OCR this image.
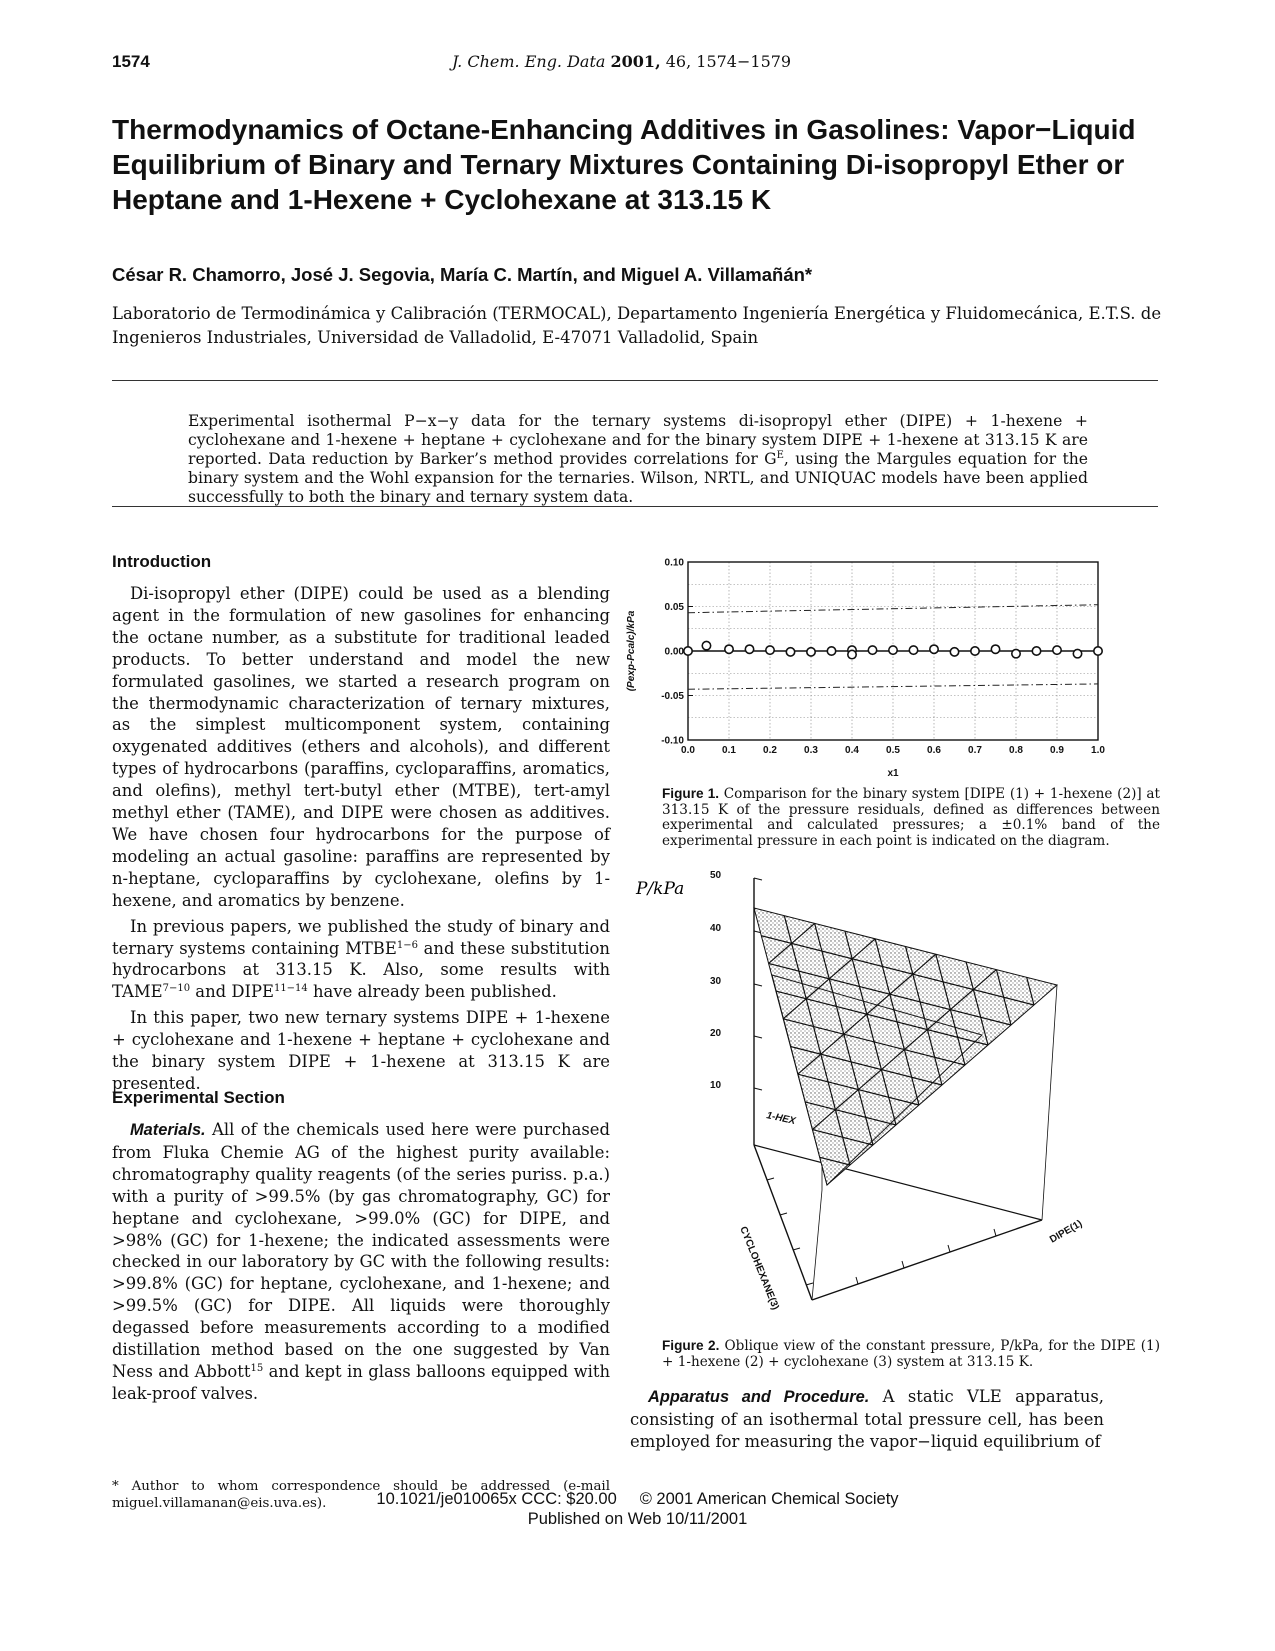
1574	J. Chem. Eng. Data 2001, 46, 1574−1579
Thermodynamics of Octane-Enhancing Additives in Gasolines: Vapor−Liquid Equilibrium of Binary and Ternary Mixtures Containing Di-isopropyl Ether or Heptane and 1-Hexene + Cyclohexane at 313.15 K
César R. Chamorro, José J. Segovia, María C. Martín, and Miguel A. Villamañán*
Laboratorio de Termodinámica y Calibración (TERMOCAL), Departamento Ingeniería Energética y Fluidomecánica, E.T.S. de Ingenieros Industriales, Universidad de Valladolid, E-47071 Valladolid, Spain
Experimental isothermal P−x−y data for the ternary systems di-isopropyl ether (DIPE) + 1-hexene + cyclohexane and 1-hexene + heptane + cyclohexane and for the binary system DIPE + 1-hexene at 313.15 K are reported. Data reduction by Barker’s method provides correlations for $G^E$, using the Margules equation for the binary system and the Wohl expansion for the ternaries. Wilson, NRTL, and UNIQUAC models have been applied successfully to both the binary and ternary system data.
Introduction

Di-isopropyl ether (DIPE) could be used as a blending agent in the formulation of new gasolines for enhancing the octane number, as a substitute for traditional leaded products. To better understand and model the new formulated gasolines, we started a research program on the thermodynamic characterization of ternary mixtures, as the simplest multicomponent system, containing oxygenated additives (ethers and alcohols), and different types of hydrocarbons (paraffins, cycloparaffins, aromatics, and olefins), methyl tert-butyl ether (MTBE), tert-amyl methyl ether (TAME), and DIPE were chosen as additives. We have chosen four hydrocarbons for the purpose of modeling an actual gasoline: paraffins are represented by n-heptane, cycloparaffins by cyclohexane, olefins by 1-hexene, and aromatics by benzene.

In previous papers, we published the study of binary and ternary systems containing $MTBE^{1-6}$ and these substitution hydrocarbons at 313.15 K. Also, some results with $TAME^{7-10}$ and $DIPE^{11-14}$ have already been published.

In this paper, two new ternary systems DIPE + 1-hexene + cyclohexane and 1-hexene + heptane + cyclohexane and the binary system DIPE + 1-hexene at 313.15 K are presented.

Experimental Section

Materials. All of the chemicals used here were purchased from Fluka Chemie AG of the highest purity available: chromatography quality reagents (of the series puriss. p.a.) with a purity of >99.5% (by gas chromatography, GC) for heptane and cyclohexane, >99.0% (GC) for DIPE, and >98% (GC) for 1-hexene; the indicated assessments were checked in our laboratory by GC with the following results: >99.8% (GC) for heptane, cyclohexane, and 1-hexene; and >99.5% (GC) for DIPE. All liquids were thoroughly degassed before measurements according to a modified distillation method based on the one suggested by Van Ness and Abbott$^{15}$ and kept in glass balloons equipped with leak-proof valves.

* Author to whom correspondence should be addressed (e-mail miguel.villamanan@eis.uva.es).
0.0	0.1	0.2	0.3	0.4	0.5	0.6	0.7	0.8	0.9	1.0
0.10
0.05
0.00
-0.05
-0.10
(Pexp-Pcalc)/kPa
x1
Figure 1. Comparison for the binary system [DIPE (1) + 1-hexene (2)] at 313.15 K of the pressure residuals, defined as differences between experimental and calculated pressures; a ±0.1% band of the experimental pressure in each point is indicated on the diagram.
P/kPa
50
40
30
20
10
1-HEX
DIPE(1)
CYCLOHEXANE(3)
Figure 2. Oblique view of the constant pressure, P/kPa, for the DIPE (1) + 1-hexene (2) + cyclohexane (3) system at 313.15 K.

Apparatus and Procedure. A static VLE apparatus, consisting of an isothermal total pressure cell, has been employed for measuring the vapor−liquid equilibrium of

10.1021/je010065x CCC: $20.00     © 2001 American Chemical Society
Published on Web 10/11/2001
